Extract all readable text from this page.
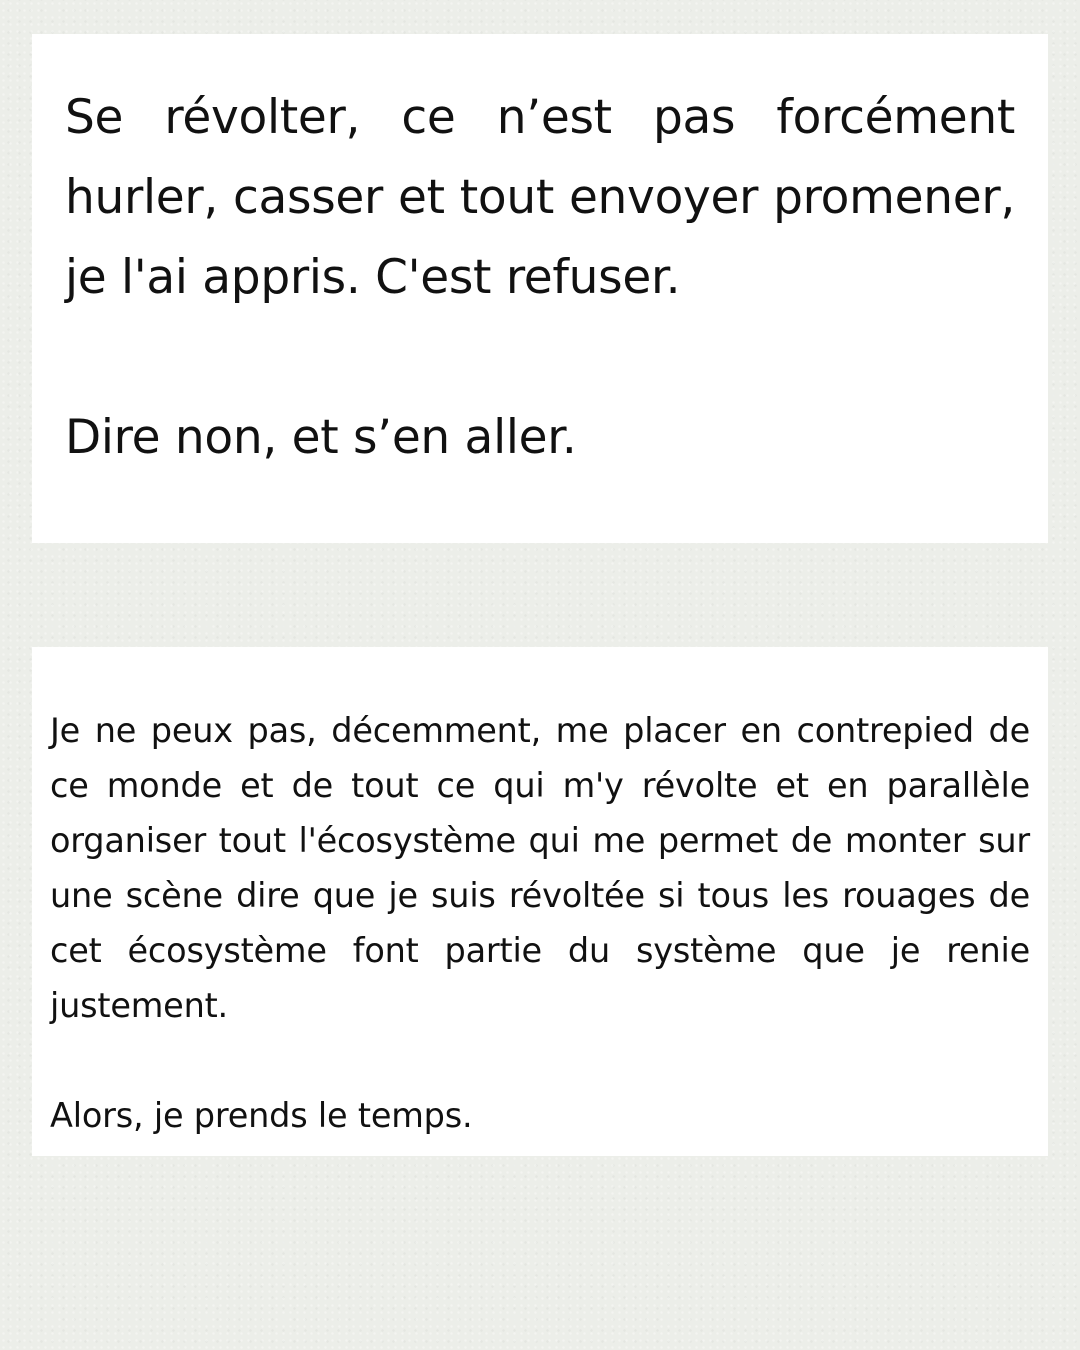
Se révolter, ce n’est pas forcément hurler, casser et tout envoyer promener, je l'ai appris. C'est refuser.

Dire non, et s’en aller.

Je ne peux pas, décemment, me placer en contrepied de ce monde et de tout ce qui m'y révolte et en parallèle organiser tout l'écosystème qui me permet de monter sur une scène dire que je suis révoltée si tous les rouages de cet écosystème font partie du système que je renie justement.

Alors, je prends le temps.
